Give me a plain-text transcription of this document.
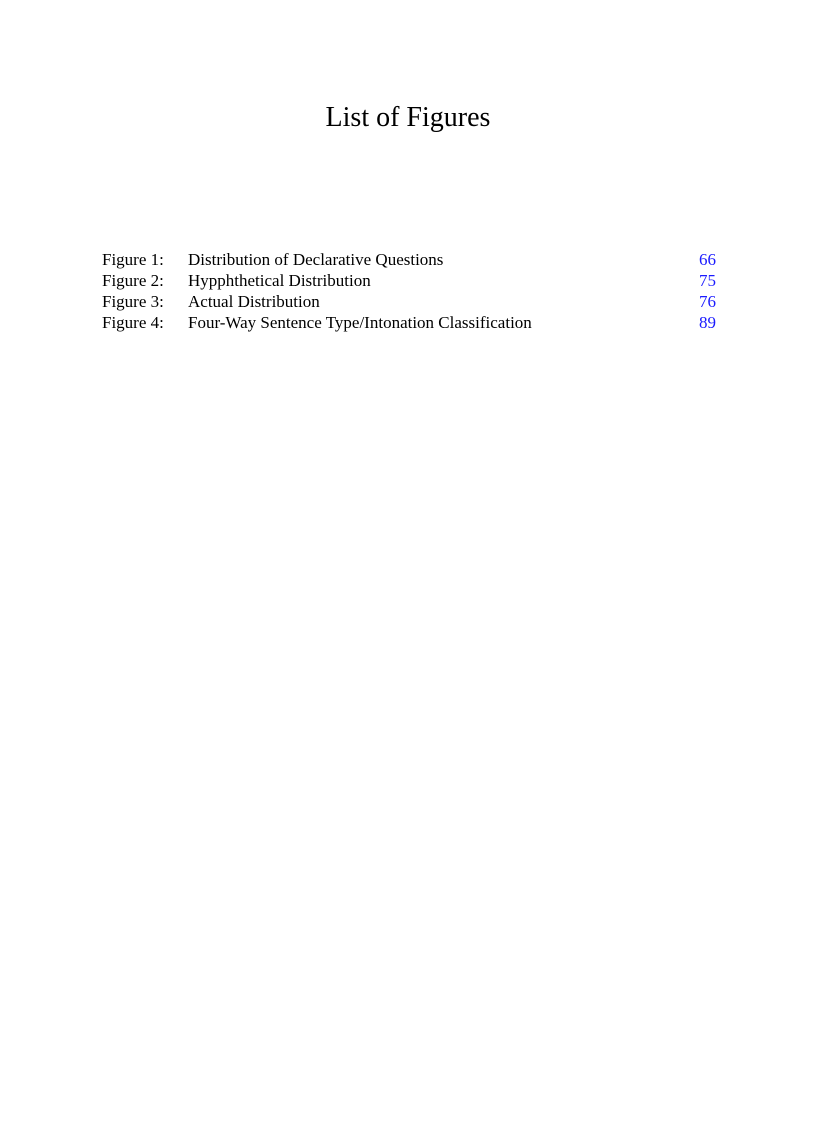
List of Figures
Figure 1: Distribution of Declarative Questions	66
Figure 2: Hypphthetical Distribution	75
Figure 3: Actual Distribution	76
Figure 4: Four-Way Sentence Type/Intonation Classification	89
